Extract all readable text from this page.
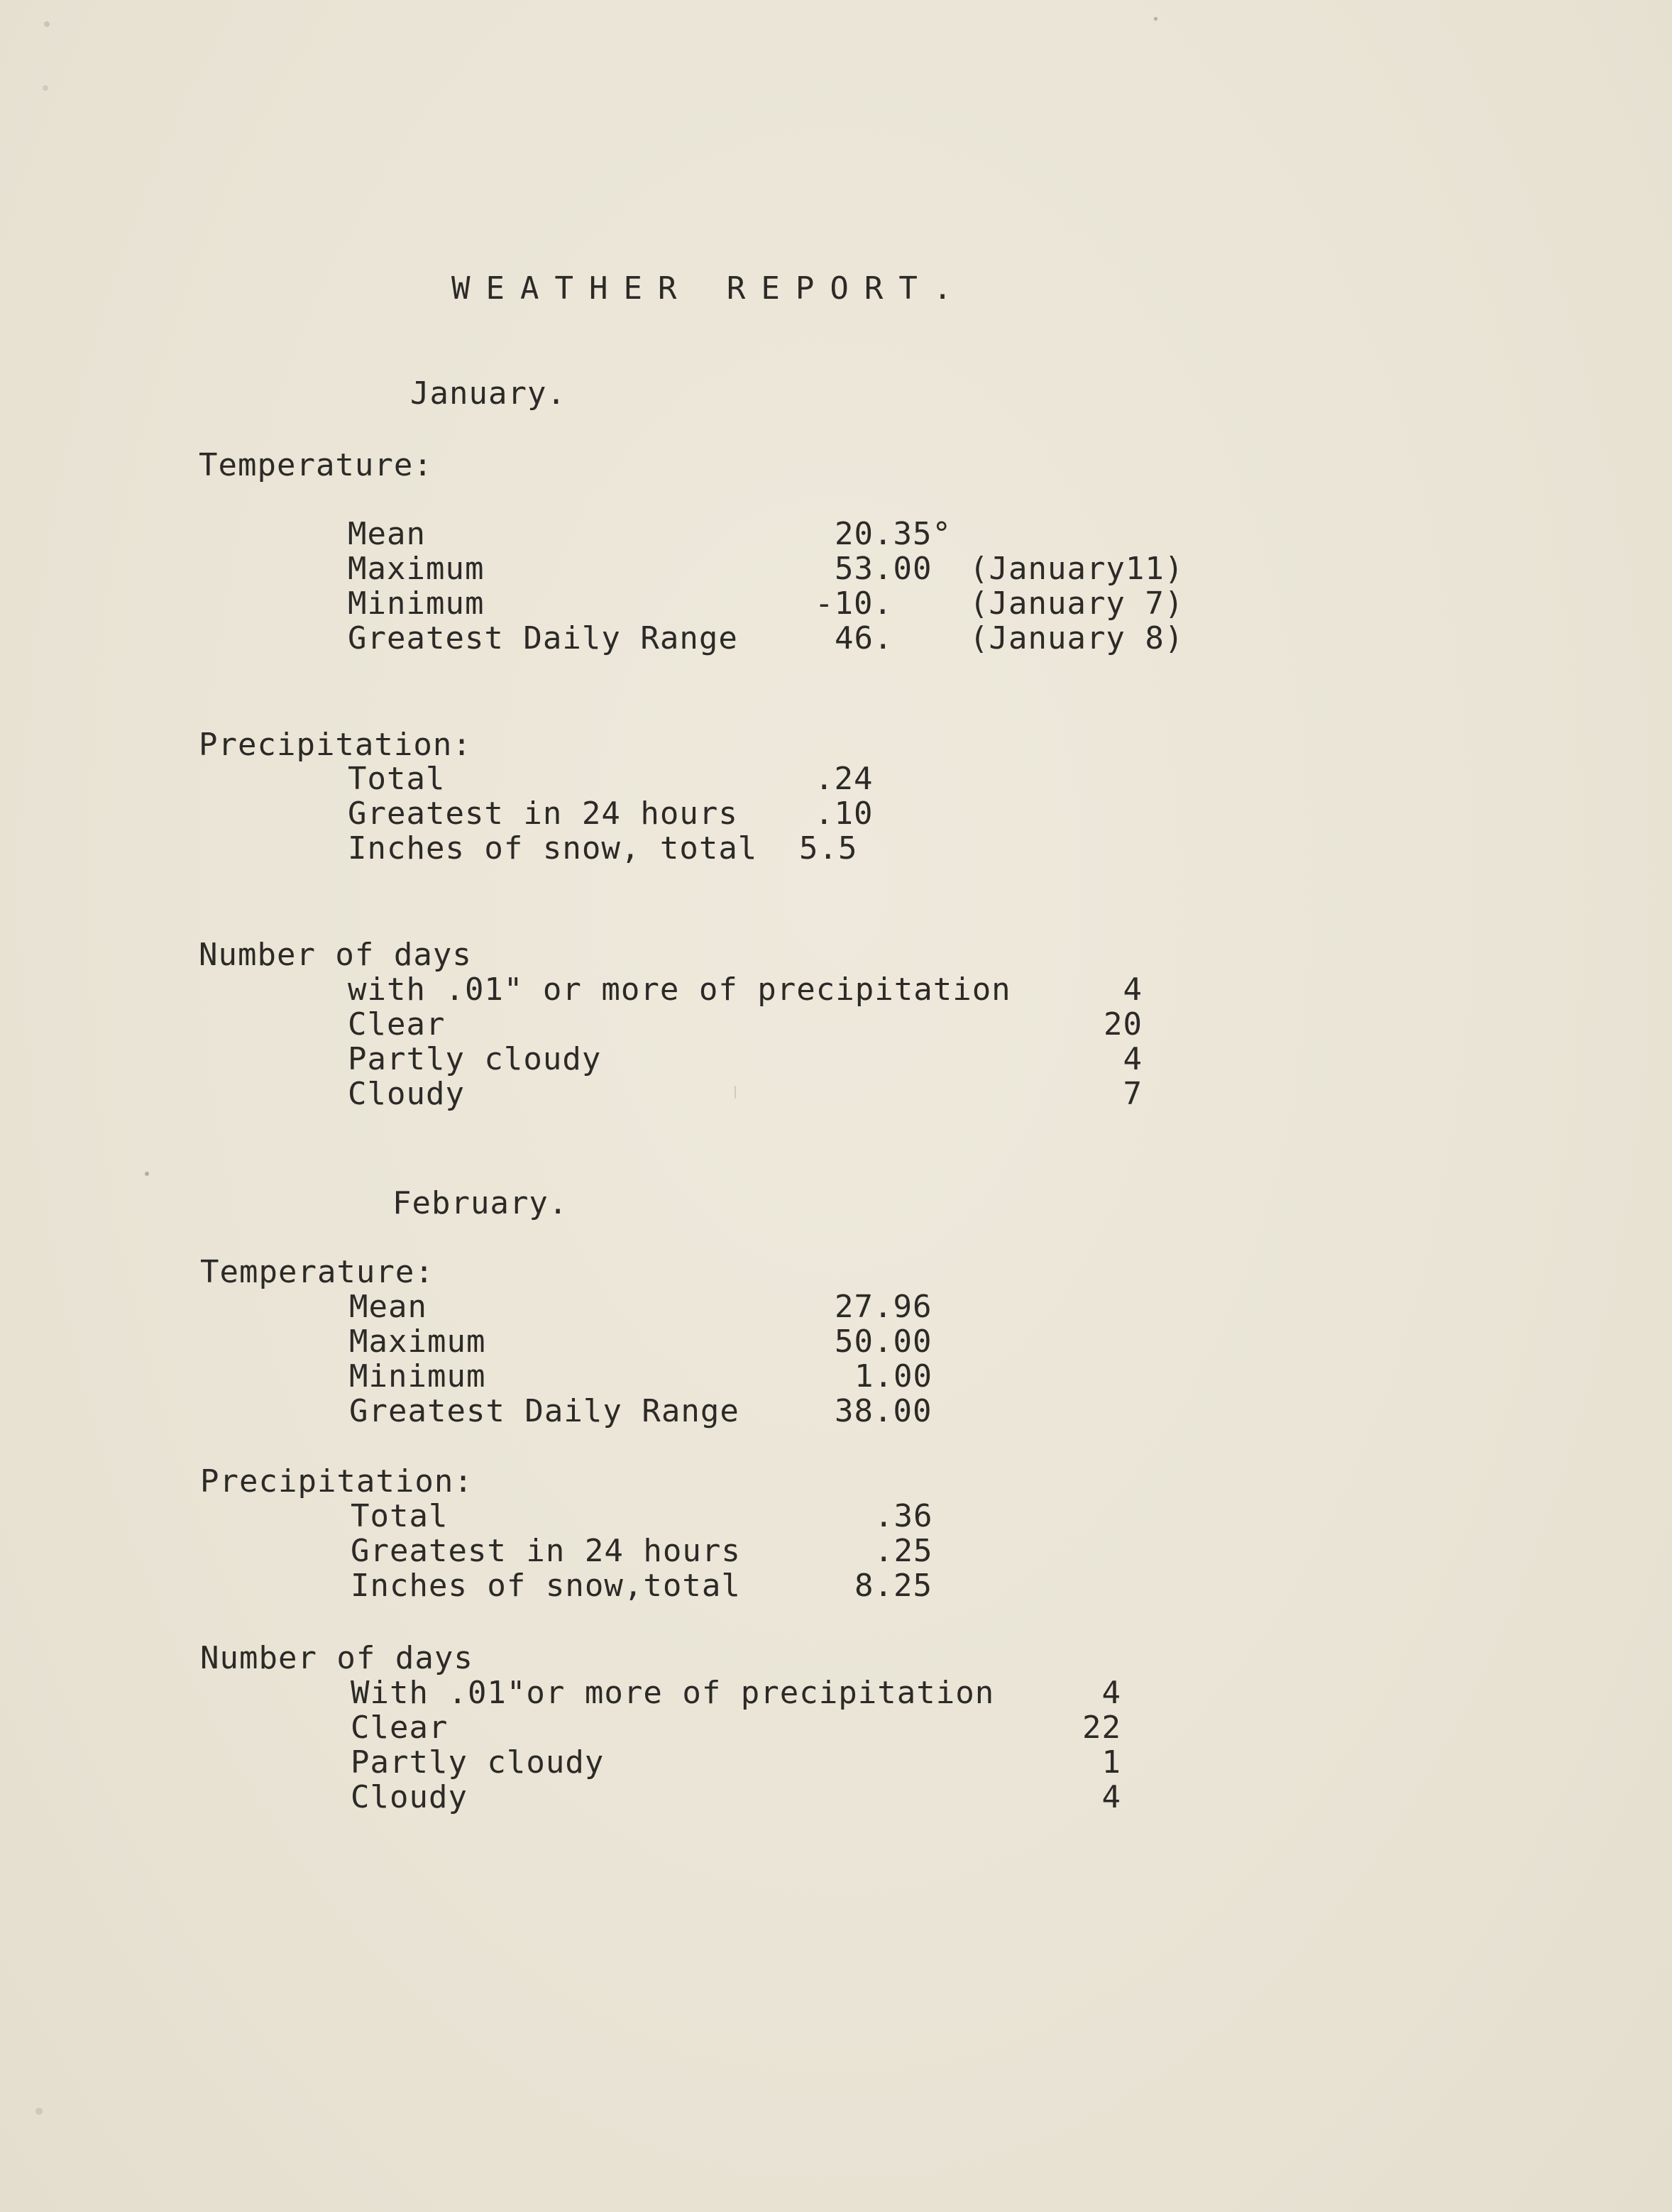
WEATHER REPORT.
January.
Temperature:
Mean	20.35°
Maximum	53.00 (January11)
Minimum	-10. (January 7)
Greatest Daily Range	46. (January 8)
Precipitation:
Total	.24
Greatest in 24 hours .10
Inches of snow, total 5.5
Number of days
with .01" or more of precipitation	4
Clear	20
Partly cloudy	4
Cloudy	7
February.
Temperature:
Mean	27.96
Maximum	50.00
Minimum	1.00
Greatest Daily Range	38.00
Precipitation:
Total	.36
Greatest in 24 hours	.25
Inches of snow,total	8.25
Number of days
With .01"or more of precipitation	4
Clear	22
Partly cloudy	1
Cloudy	4
